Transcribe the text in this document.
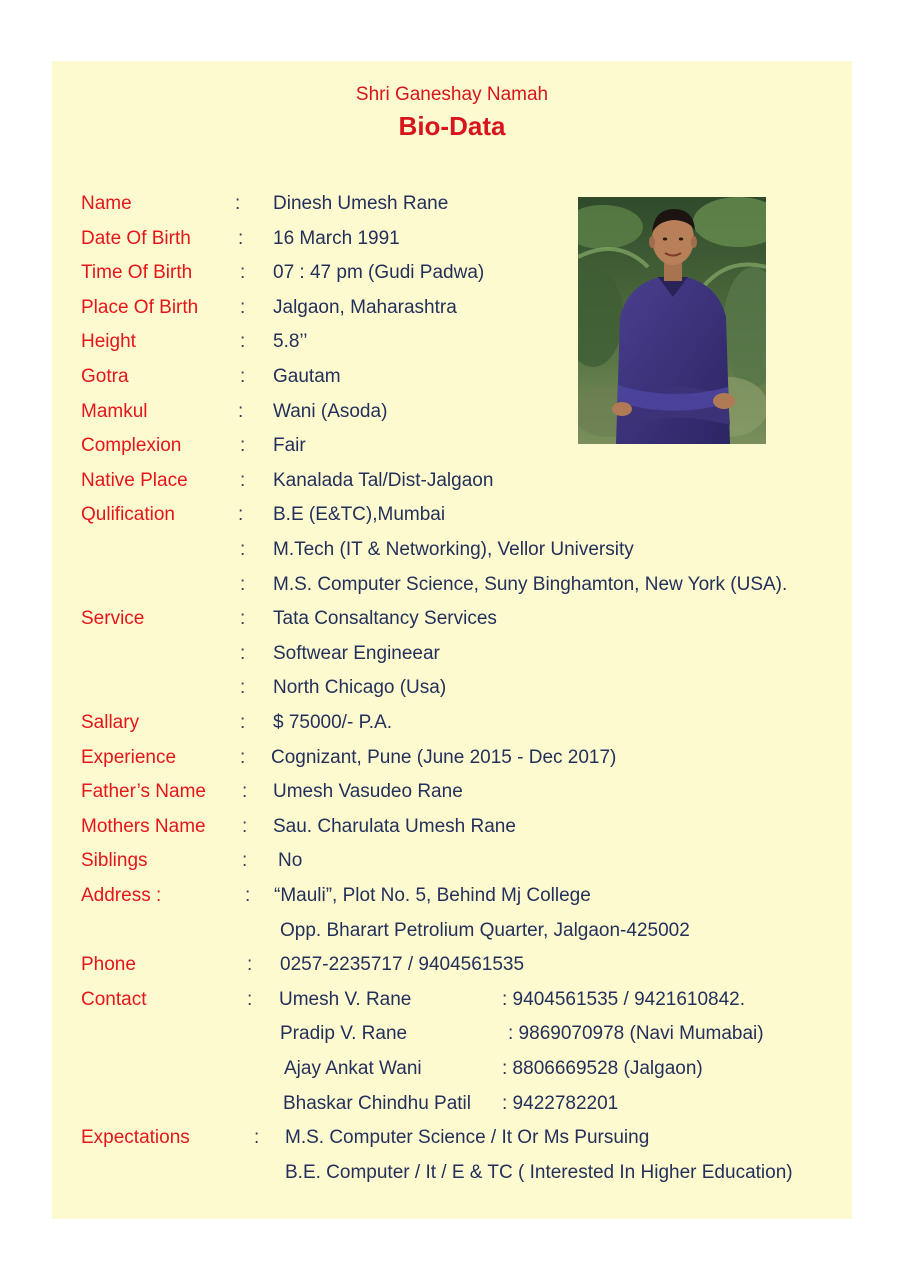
Shri Ganeshay Namah
Bio-Data
Name	: Dinesh Umesh Rane
Date Of Birth : 16 March 1991
Time Of Birth	: 07 : 47 pm (Gudi Padwa)
Place Of Birth : Jalgaon, Maharashtra
Height	: 5.8’’
Gotra	: Gautam
Mamkul	: Wani (Asoda)
Complexion	: Fair
Native Place	: Kanalada Tal/Dist-Jalgaon
Qulification	: B.E (E&TC),Mumbai
: M.Tech (IT & Networking), Vellor University
: M.S. Computer Science, Suny Binghamton, New York (USA).
Service	: Tata Consaltancy Services
: Softwear Engineear
: North Chicago (Usa)
Sallary	: $ 75000/- P.A.
Experience	: Cognizant, Pune (June 2015 - Dec 2017)
Father’s Name : Umesh Vasudeo Rane
Mothers Name : Sau. Charulata Umesh Rane
Siblings	: No
Address :	: “Mauli”, Plot No. 5, Behind Mj College
Opp. Bharart Petrolium Quarter, Jalgaon-425002
Phone	: 0257-2235717 / 9404561535
Contact	: Umesh V. Rane	: 9404561535 / 9421610842.
Pradip V. Rane	: 9869070978 (Navi Mumabai)
Ajay Ankat Wani	: 8806669528 (Jalgaon)
Bhaskar Chindhu Patil : 9422782201
Expectations	: M.S. Computer Science / It Or Ms Pursuing
B.E. Computer / It / E & TC ( Interested In Higher Education)
